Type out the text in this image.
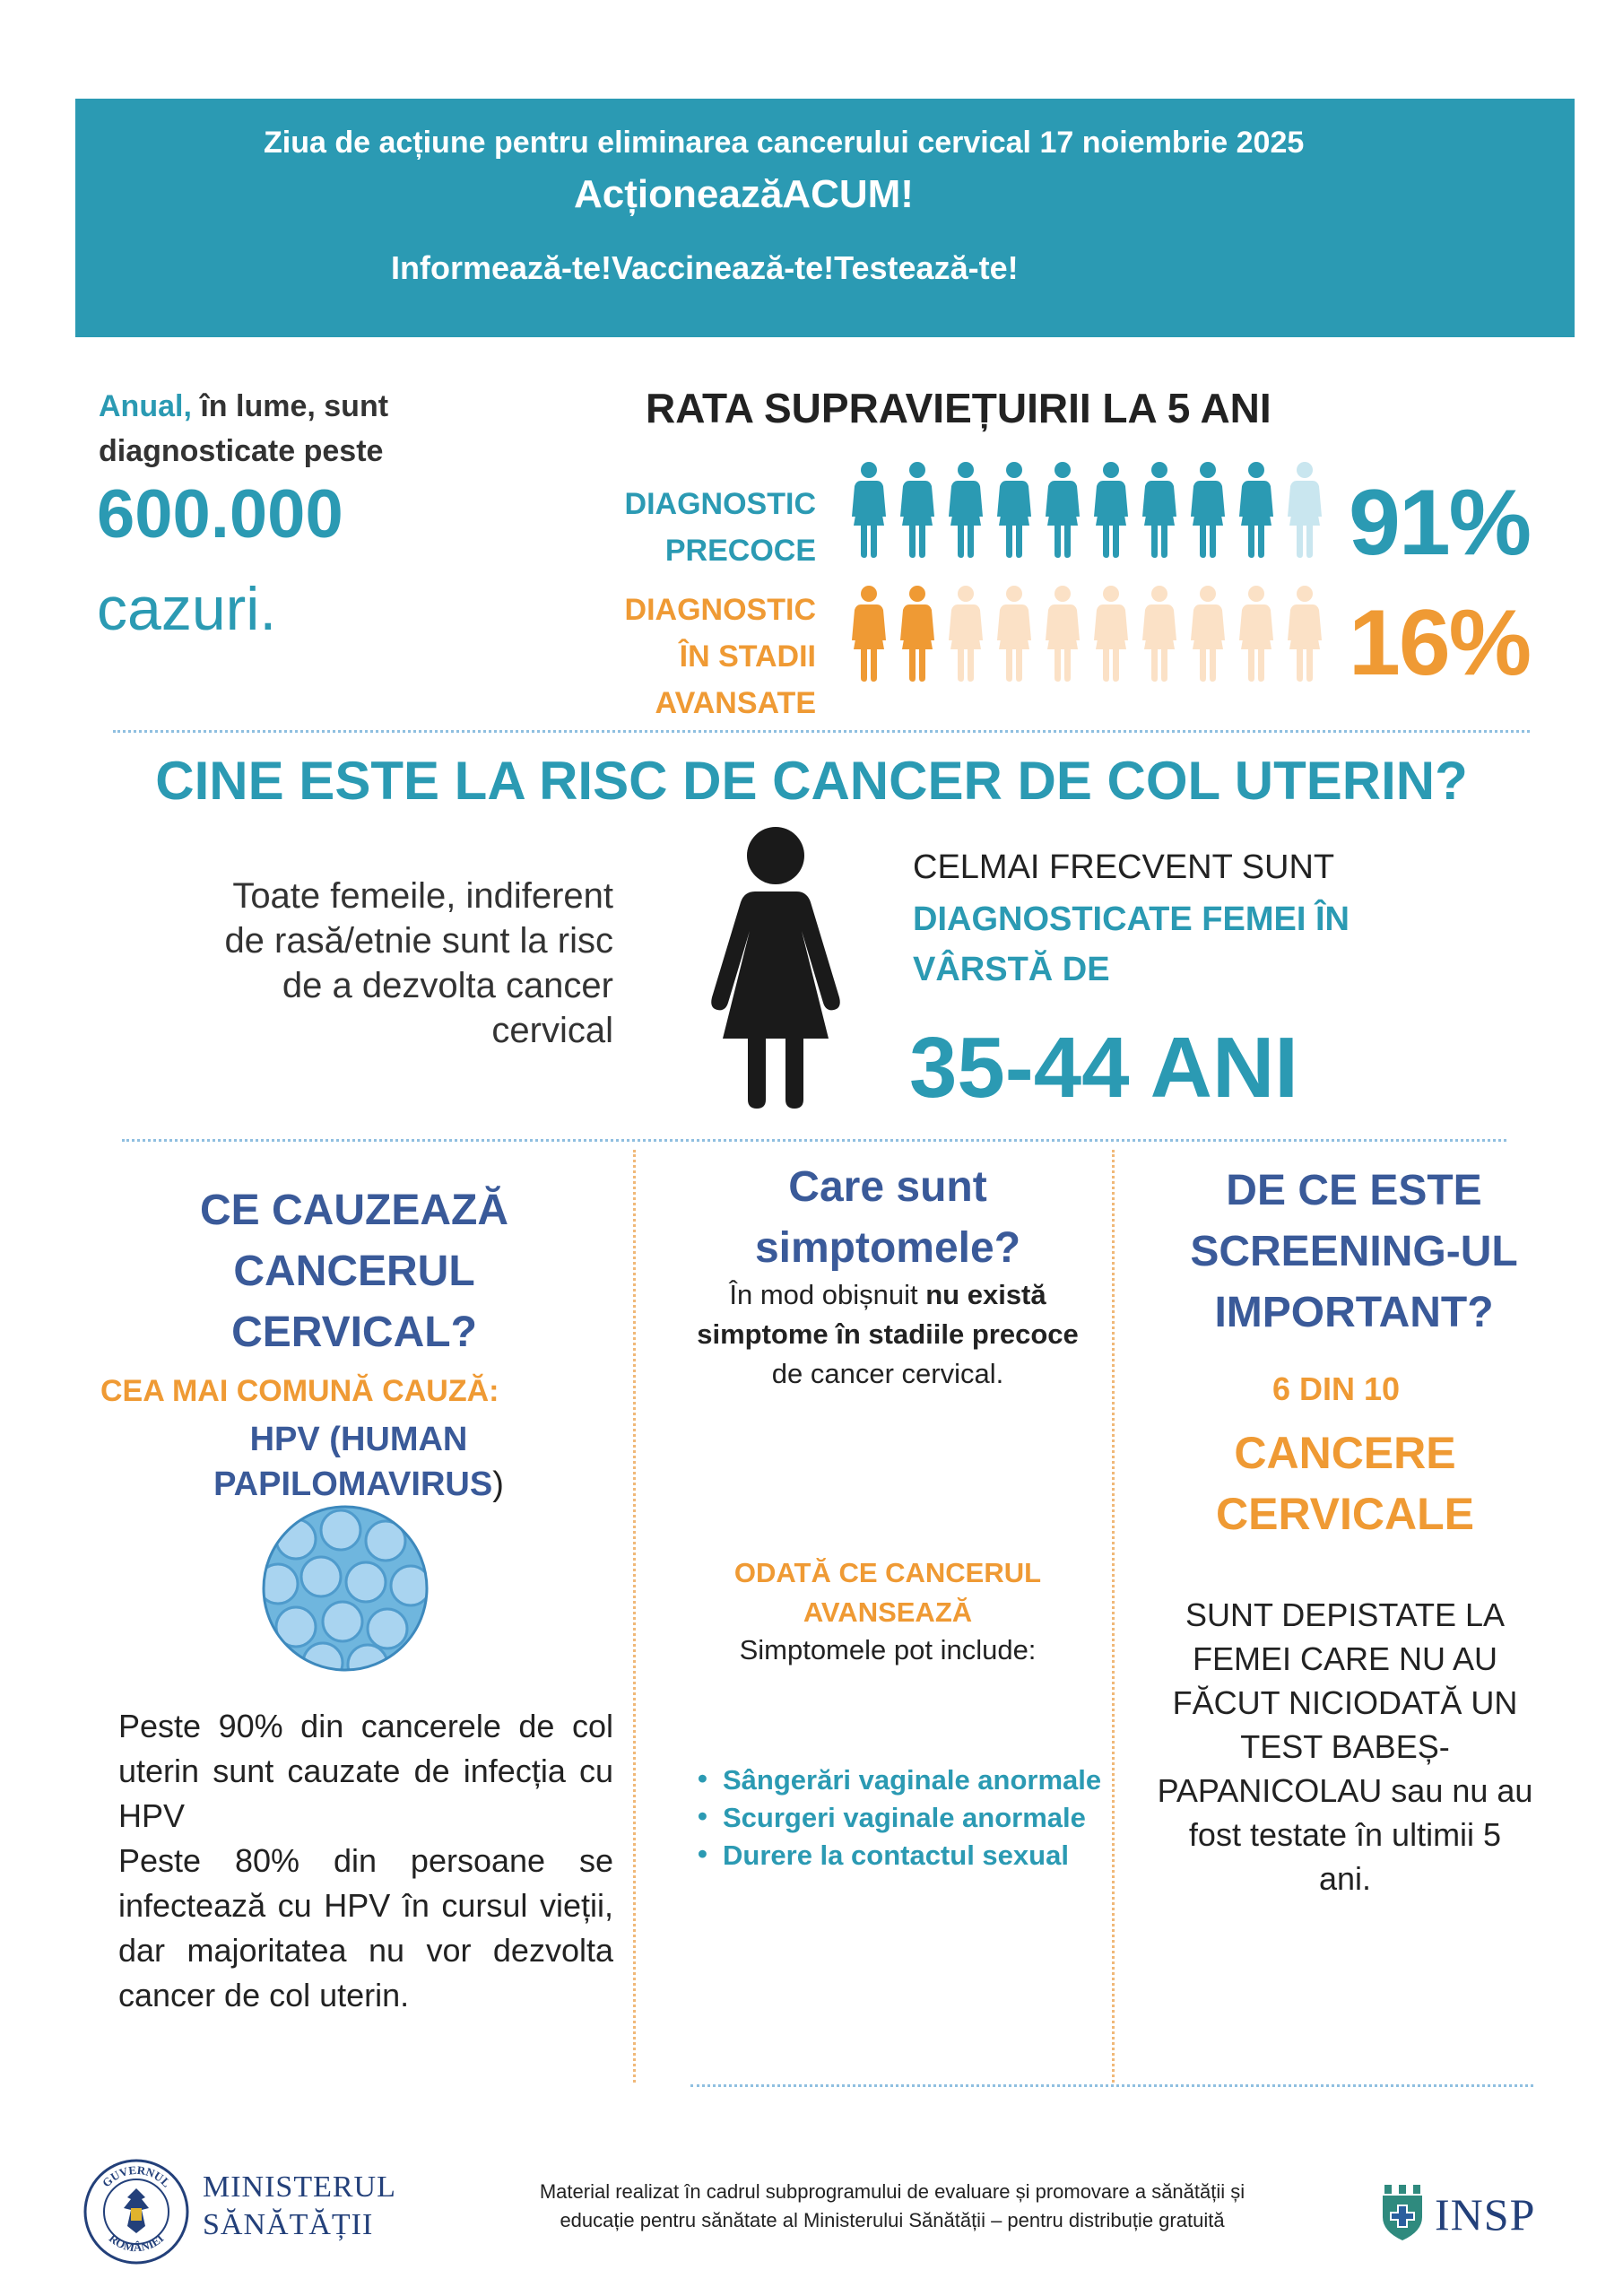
Ziua de acțiune pentru eliminarea cancerului cervical 17 noiembrie 2025
AcționeazăACUM!
Informează-te!Vaccinează-te!Testează-te!
Anual, în lume, sunt
diagnosticate peste
600.000
cazuri.
RATA SUPRAVIEȚUIRII LA 5 ANI
DIAGNOSTIC
PRECOCE
DIAGNOSTIC
ÎN STADII
AVANSATE
91%
16%
CINE ESTE LA RISC DE CANCER DE COL UTERIN?
Toate femeile, indiferent
de rasă/etnie sunt la risc
de a dezvolta cancer
cervical
CELMAI FRECVENT SUNT
DIAGNOSTICATE FEMEI ÎN
VÂRSTĂ DE
35-44 ANI
CE CAUZEAZĂ
CANCERUL
CERVICAL?
CEA MAI COMUNĂ CAUZĂ:
HPV (HUMAN
PAPILOMAVIRUS)
Peste 90% din cancerele de col uterin sunt cauzate de infecția cu HPV
Peste 80% din persoane se infectează cu HPV în cursul vieții, dar majoritatea nu vor dezvolta cancer de col uterin.
Care sunt
simptomele?
În mod obișnuit nu există
simptome în stadiile precoce
de cancer cervical.
ODATĂ CE CANCERUL
AVANSEAZĂ
Simptomele pot include:
• Sângerări vaginale anormale
• Scurgeri vaginale anormale
• Durere la contactul sexual
DE CE ESTE
SCREENING-UL
IMPORTANT?
6 DIN 10
CANCERE
CERVICALE
SUNT DEPISTATE LA
FEMEI CARE NU AU
FĂCUT NICIODATĂ UN
TEST BABEȘ-
PAPANICOLAU sau nu au
fost testate în ultimii 5
ani.
GUVERNUL
ROMÂNIEI
MINISTERUL
SĂNĂTĂȚII
Material realizat în cadrul subprogramului de evaluare și promovare a sănătății și
educație pentru sănătate al Ministerului Sănătății – pentru distribuție gratuită	INSP
